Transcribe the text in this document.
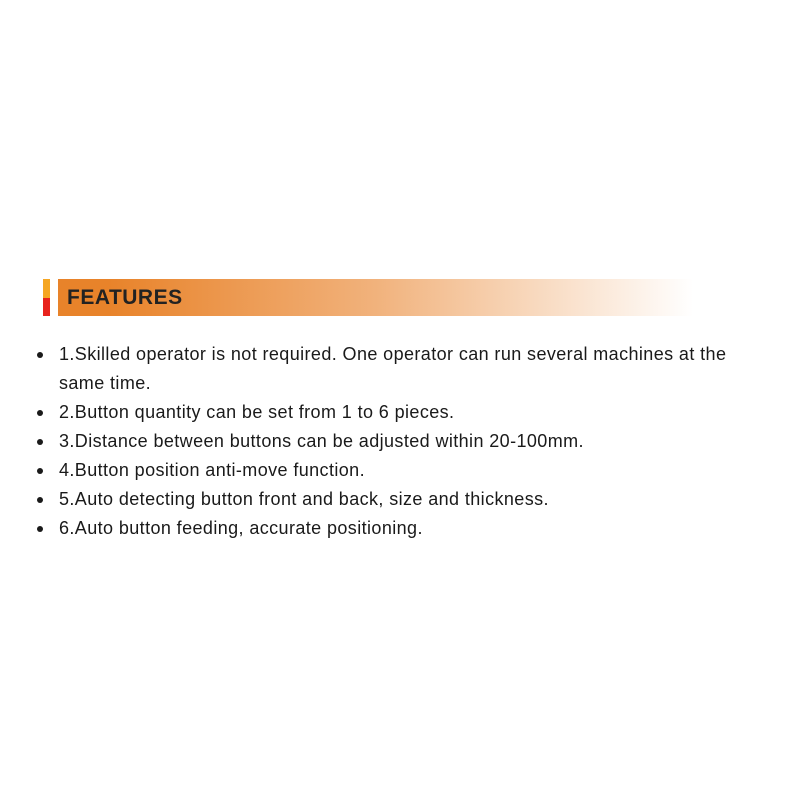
FEATURES
1.Skilled operator is not required. One operator can run several machines at the same time.
2.Button quantity can be set from 1 to 6 pieces.
3.Distance between buttons can be adjusted within 20-100mm.
4.Button position anti-move function.
5.Auto detecting button front and back, size and thickness.
6.Auto button feeding, accurate positioning.
